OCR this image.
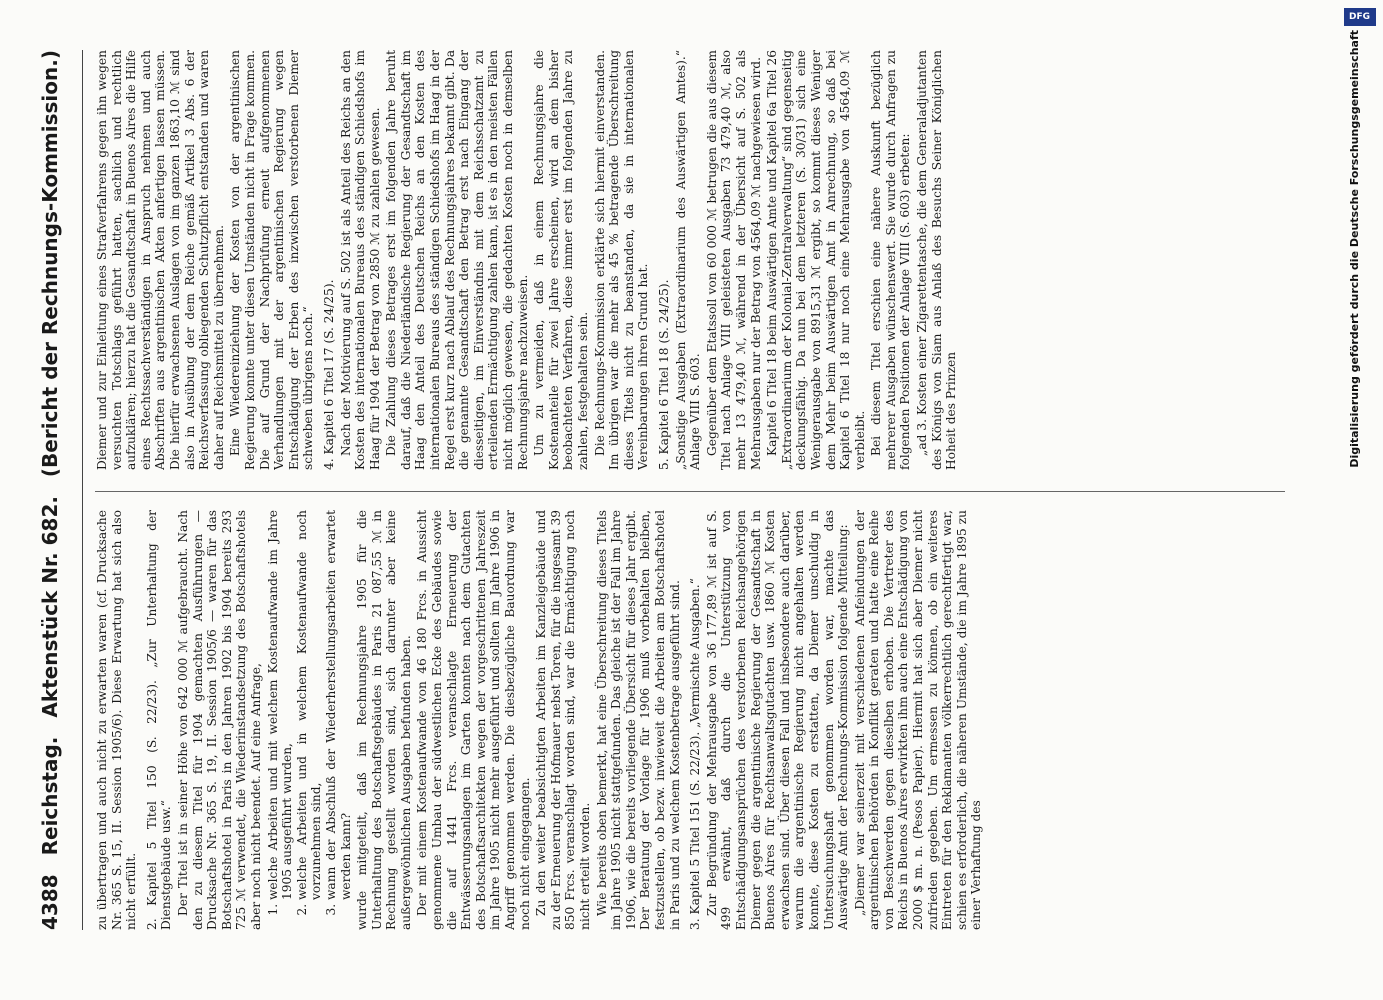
4388
Reichstag.
Aktenstück Nr. 682.
(Bericht der Rechnungs-Kommission.)

zu übertragen und auch nicht zu erwarten waren (cf. Drucksache Nr. 365 S. 15, II. Session 1905/6). Diese Erwartung hat sich also nicht erfüllt. 2. Kapitel 5 Titel 150 (S. 22/23). „Zur Unterhaltung der Dienstgebäude usw.“ Der Titel ist in seiner Höhe von 642 000 ℳ aufgebraucht. Nach den zu diesem Titel für 1904 gemachten Ausführungen — Drucksache Nr. 365 S. 19, II. Session 1905/6 — waren für das Botschaftshotel in Paris in den Jahren 1902 bis 1904 bereits 293 725 ℳ verwendet, die Wiederinstandsetzung des Botschaftshotels aber noch nicht beendet. Auf eine Anfrage, 1. welche Arbeiten und mit welchem Kostenaufwande im Jahre 1905 ausgeführt wurden, 2. welche Arbeiten und in welchem Kostenaufwande noch vorzunehmen sind, 3. wann der Abschluß der Wiederherstellungsarbeiten erwartet werden kann? wurde mitgeteilt, daß im Rechnungsjahre 1905 für die Unterhaltung des Botschaftsgebäudes in Paris 21 087,55 ℳ in Rechnung gestellt worden sind, sich darunter aber keine außergewöhnlichen Ausgaben befunden haben. Der mit einem Kostenaufwande von 46 180 Frcs. in Aussicht genommene Umbau der südwestlichen Ecke des Gebäudes sowie die auf 1441 Frcs. veranschlagte Erneuerung der Entwässerungsanlagen im Garten konnten nach dem Gutachten des Botschaftsarchitekten wegen der vorgeschrittenen Jahreszeit im Jahre 1905 nicht mehr ausgeführt und sollten im Jahre 1906 in Angriff genommen werden. Die diesbezügliche Bauordnung war noch nicht eingegangen. Zu den weiter beabsichtigten Arbeiten im Kanzleigebäude und zu der Erneuerung der Hofmauer nebst Toren, für die insgesamt 39 850 Frcs. veranschlagt worden sind, war die Ermächtigung noch nicht erteilt worden. Wie bereits oben bemerkt, hat eine Überschreitung dieses Titels im Jahre 1905 nicht stattgefunden. Das gleiche ist der Fall im Jahre 1906, wie die bereits vorliegende Übersicht für dieses Jahr ergibt. Der Beratung der Vorlage für 1906 muß vorbehalten bleiben, festzustellen, ob bezw. inwieweit die Arbeiten am Botschaftshotel in Paris und zu welchem Kostenbetrage ausgeführt sind. 3. Kapitel 5 Titel 151 (S. 22/23). „Vermischte Ausgaben.“ Zur Begründung der Mehrausgabe von 36 177,89 ℳ ist auf S. 499 erwähnt, daß durch die Unterstützung von Entschädigungsansprüchen des verstorbenen Reichsangehörigen Diemer gegen die argentinische Regierung der Gesandtschaft in Buenos Aires für Rechtsanwaltsgutachten usw. 1860 ℳ Kosten erwachsen sind. Über diesen Fall und insbesondere auch darüber, warum die argentinische Regierung nicht angehalten werden konnte, diese Kosten zu erstatten, da Diemer unschuldig in Untersuchungshaft genommen worden war, machte das Auswärtige Amt der Rechnungs-Kommission folgende Mitteilung: „Diemer war seinerzeit mit verschiedenen Anfeindungen der argentinischen Behörden in Konflikt geraten und hatte eine Reihe von Beschwerden gegen dieselben erhoben. Die Vertreter des Reichs in Buenos Aires erwirkten ihm auch eine Entschädigung von 2000 $ m. n. (Pesos Papier). Hiermit hat sich aber Diemer nicht zufrieden gegeben. Um ermessen zu können, ob ein weiteres Eintreten für den Reklamanten völkerrechtlich gerechtfertigt war, schien es erforderlich, die näheren Umstände, die im Jahre 1895 zu einer Verhaftung des

Diemer und zur Einleitung eines Strafverfahrens gegen ihn wegen versuchten Totschlags geführt hatten, sachlich und rechtlich aufzuklären; hierzu hat die Gesandtschaft in Buenos Aires die Hilfe eines Rechtssachverständigen in Anspruch nehmen und auch Abschriften aus argentinischen Akten anfertigen lassen müssen. Die hierfür erwachsenen Auslagen von im ganzen 1863,10 ℳ sind also in Ausübung der dem Reiche gemäß Artikel 3 Abs. 6 der Reichsverfassung obliegenden Schutzpflicht entstanden und waren daher auf Reichsmittel zu übernehmen. Eine Wiedereinziehung der Kosten von der argentinischen Regierung konnte unter diesen Umständen nicht in Frage kommen. Die auf Grund der Nachprüfung erneut aufgenommenen Verhandlungen mit der argentinischen Regierung wegen Entschädigung der Erben des inzwischen verstorbenen Diemer schweben übrigens noch.“ 4. Kapitel 6 Titel 17 (S. 24/25). Nach der Motivierung auf S. 502 ist als Anteil des Reichs an den Kosten des internationalen Bureaus des ständigen Schiedshofs im Haag für 1904 der Betrag von 2850 ℳ zu zahlen gewesen. Die Zahlung dieses Betrages erst im folgenden Jahre beruht darauf, daß die Niederländische Regierung der Gesandtschaft im Haag den Anteil des Deutschen Reichs an den Kosten des internationalen Bureaus des ständigen Schiedshofs im Haag in der Regel erst kurz nach Ablauf des Rechnungsjahres bekannt gibt. Da die genannte Gesandtschaft den Betrag erst nach Eingang der diesseitigen, im Einverständnis mit dem Reichsschatzamt zu erteilenden Ermächtigung zahlen kann, ist es in den meisten Fällen nicht möglich gewesen, die gedachten Kosten noch in demselben Rechnungsjahre nachzuweisen. Um zu vermeiden, daß in einem Rechnungsjahre die Kostenanteile für zwei Jahre erscheinen, wird an dem bisher beobachteten Verfahren, diese immer erst im folgenden Jahre zu zahlen, festgehalten sein. Die Rechnungs-Kommission erklärte sich hiermit einverstanden. Im übrigen war die mehr als 45 % betragende Überschreitung dieses Titels nicht zu beanstanden, da sie in internationalen Vereinbarungen ihren Grund hat. 5. Kapitel 6 Titel 18 (S. 24/25). „Sonstige Ausgaben (Extraordinarium des Auswärtigen Amtes).“ Anlage VIII S. 603. Gegenüber dem Etatssoll von 60 000 ℳ betrugen die aus diesem Titel nach Anlage VIII geleisteten Ausgaben 73 479,40 ℳ, also mehr 13 479,40 ℳ, während in der Übersicht auf S. 502 als Mehrausgaben nur der Betrag von 4564,09 ℳ nachgewiesen wird. Kapitel 6 Titel 18 beim Auswärtigen Amte und Kapitel 6a Titel 26 „Extraordinarium der Kolonial-Zentralverwaltung“ sind gegenseitig deckungsfähig. Da nun bei dem letzteren (S. 30/31) sich eine Wenigerausgabe von 8915,31 ℳ ergibt, so kommt dieses Weniger dem Mehr beim Auswärtigen Amt in Anrechnung, so daß bei Kapitel 6 Titel 18 nur noch eine Mehrausgabe von 4564,09 ℳ verbleibt. Bei diesem Titel erschien eine nähere Auskunft bezüglich mehrerer Ausgaben wünschenswert. Sie wurde durch Anfragen zu folgenden Positionen der Anlage VIII (S. 603) erbeten: „ad 3. Kosten einer Zigarettentasche, die dem Generaladjutanten des Königs von Siam aus Anlaß des Besuchs Seiner Königlichen Hoheit des Prinzen	Digitalisierung gefördert durch die Deutsche Forschungsgemeinschaft
DFG
